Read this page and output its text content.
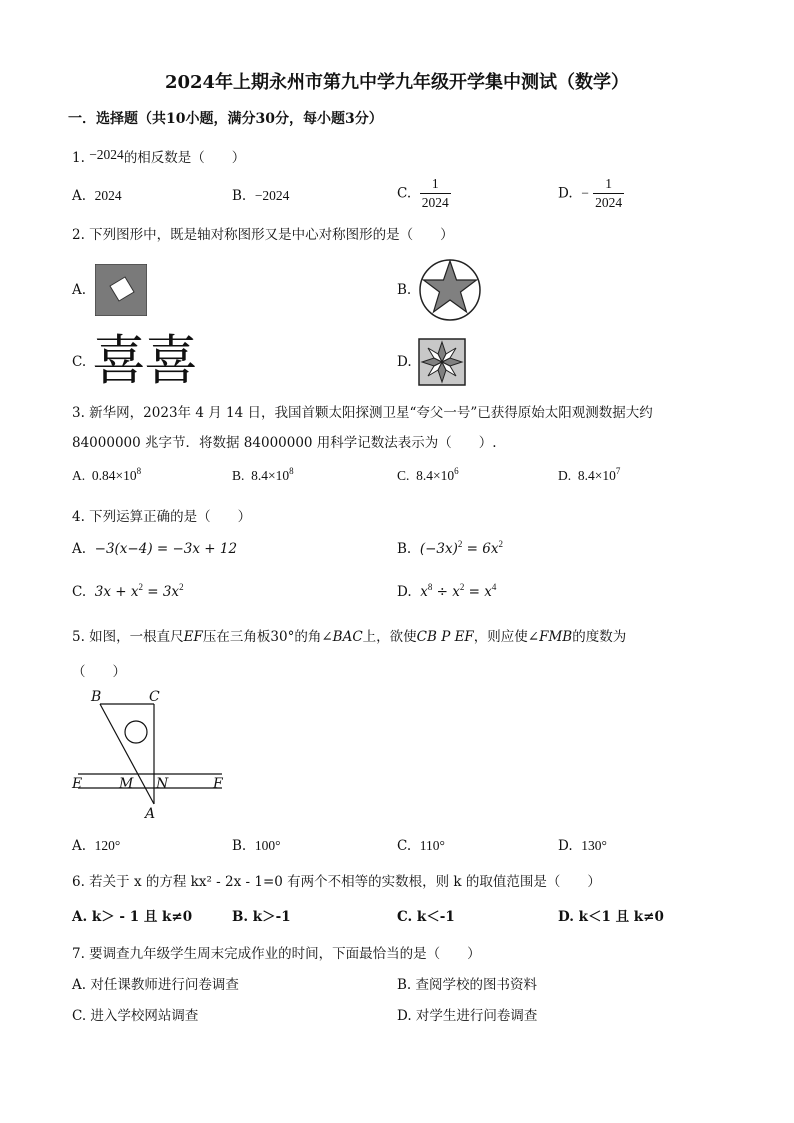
2024年上期永州市第九中学九年级开学集中测试（数学）
一．选择题（共10小题，满分30分，每小题3分）
1. −2024的相反数是（　　）
A. 2024	B. −2024	C. $\frac{1}{2024}$	D. − $\frac{1}{2024}$
2. 下列图形中，既是轴对称图形又是中心对称图形的是（　　）
A.	B.
C. 喜喜	D.
3. 新华网，2023年 4 月 14 日，我国首颗太阳探测卫星“夸父一号”已获得原始太阳观测数据大约
84000000 兆字节．将数据 84000000 用科学记数法表示为（　　）.
A. $0.84\times 10^8$	B. $8.4\times 10^8$	C. $8.4\times 10^6$	D. $8.4\times 10^7$
4. 下列运算正确的是（　　）
A. −3(x−4) = −3x + 12	B. $(-3x)^2 = 6x^2$
C. $3x + x^2 = 3x^2$	D. $x^8 \div x^2 = x^4$
5. 如图，一根直尺EF压在三角板30°的角∠BAC上，欲使CB P EF，则应使∠FMB的度数为
（　　）
B	C
E	M N	F
A
A. 120°	B. 100°	C. 110°	D. 130°
6. 若关于 x 的方程 kx² - 2x - 1=0 有两个不相等的实数根，则 k 的取值范围是（　　）
A. k＞ - 1 且 k≠0	B. k＞-1	C. k＜-1	D. k＜1 且 k≠0
7. 要调查九年级学生周末完成作业的时间，下面最恰当的是（　　）
A. 对任课教师进行问卷调查	B. 查阅学校的图书资料
C. 进入学校网站调查	D. 对学生进行问卷调查
